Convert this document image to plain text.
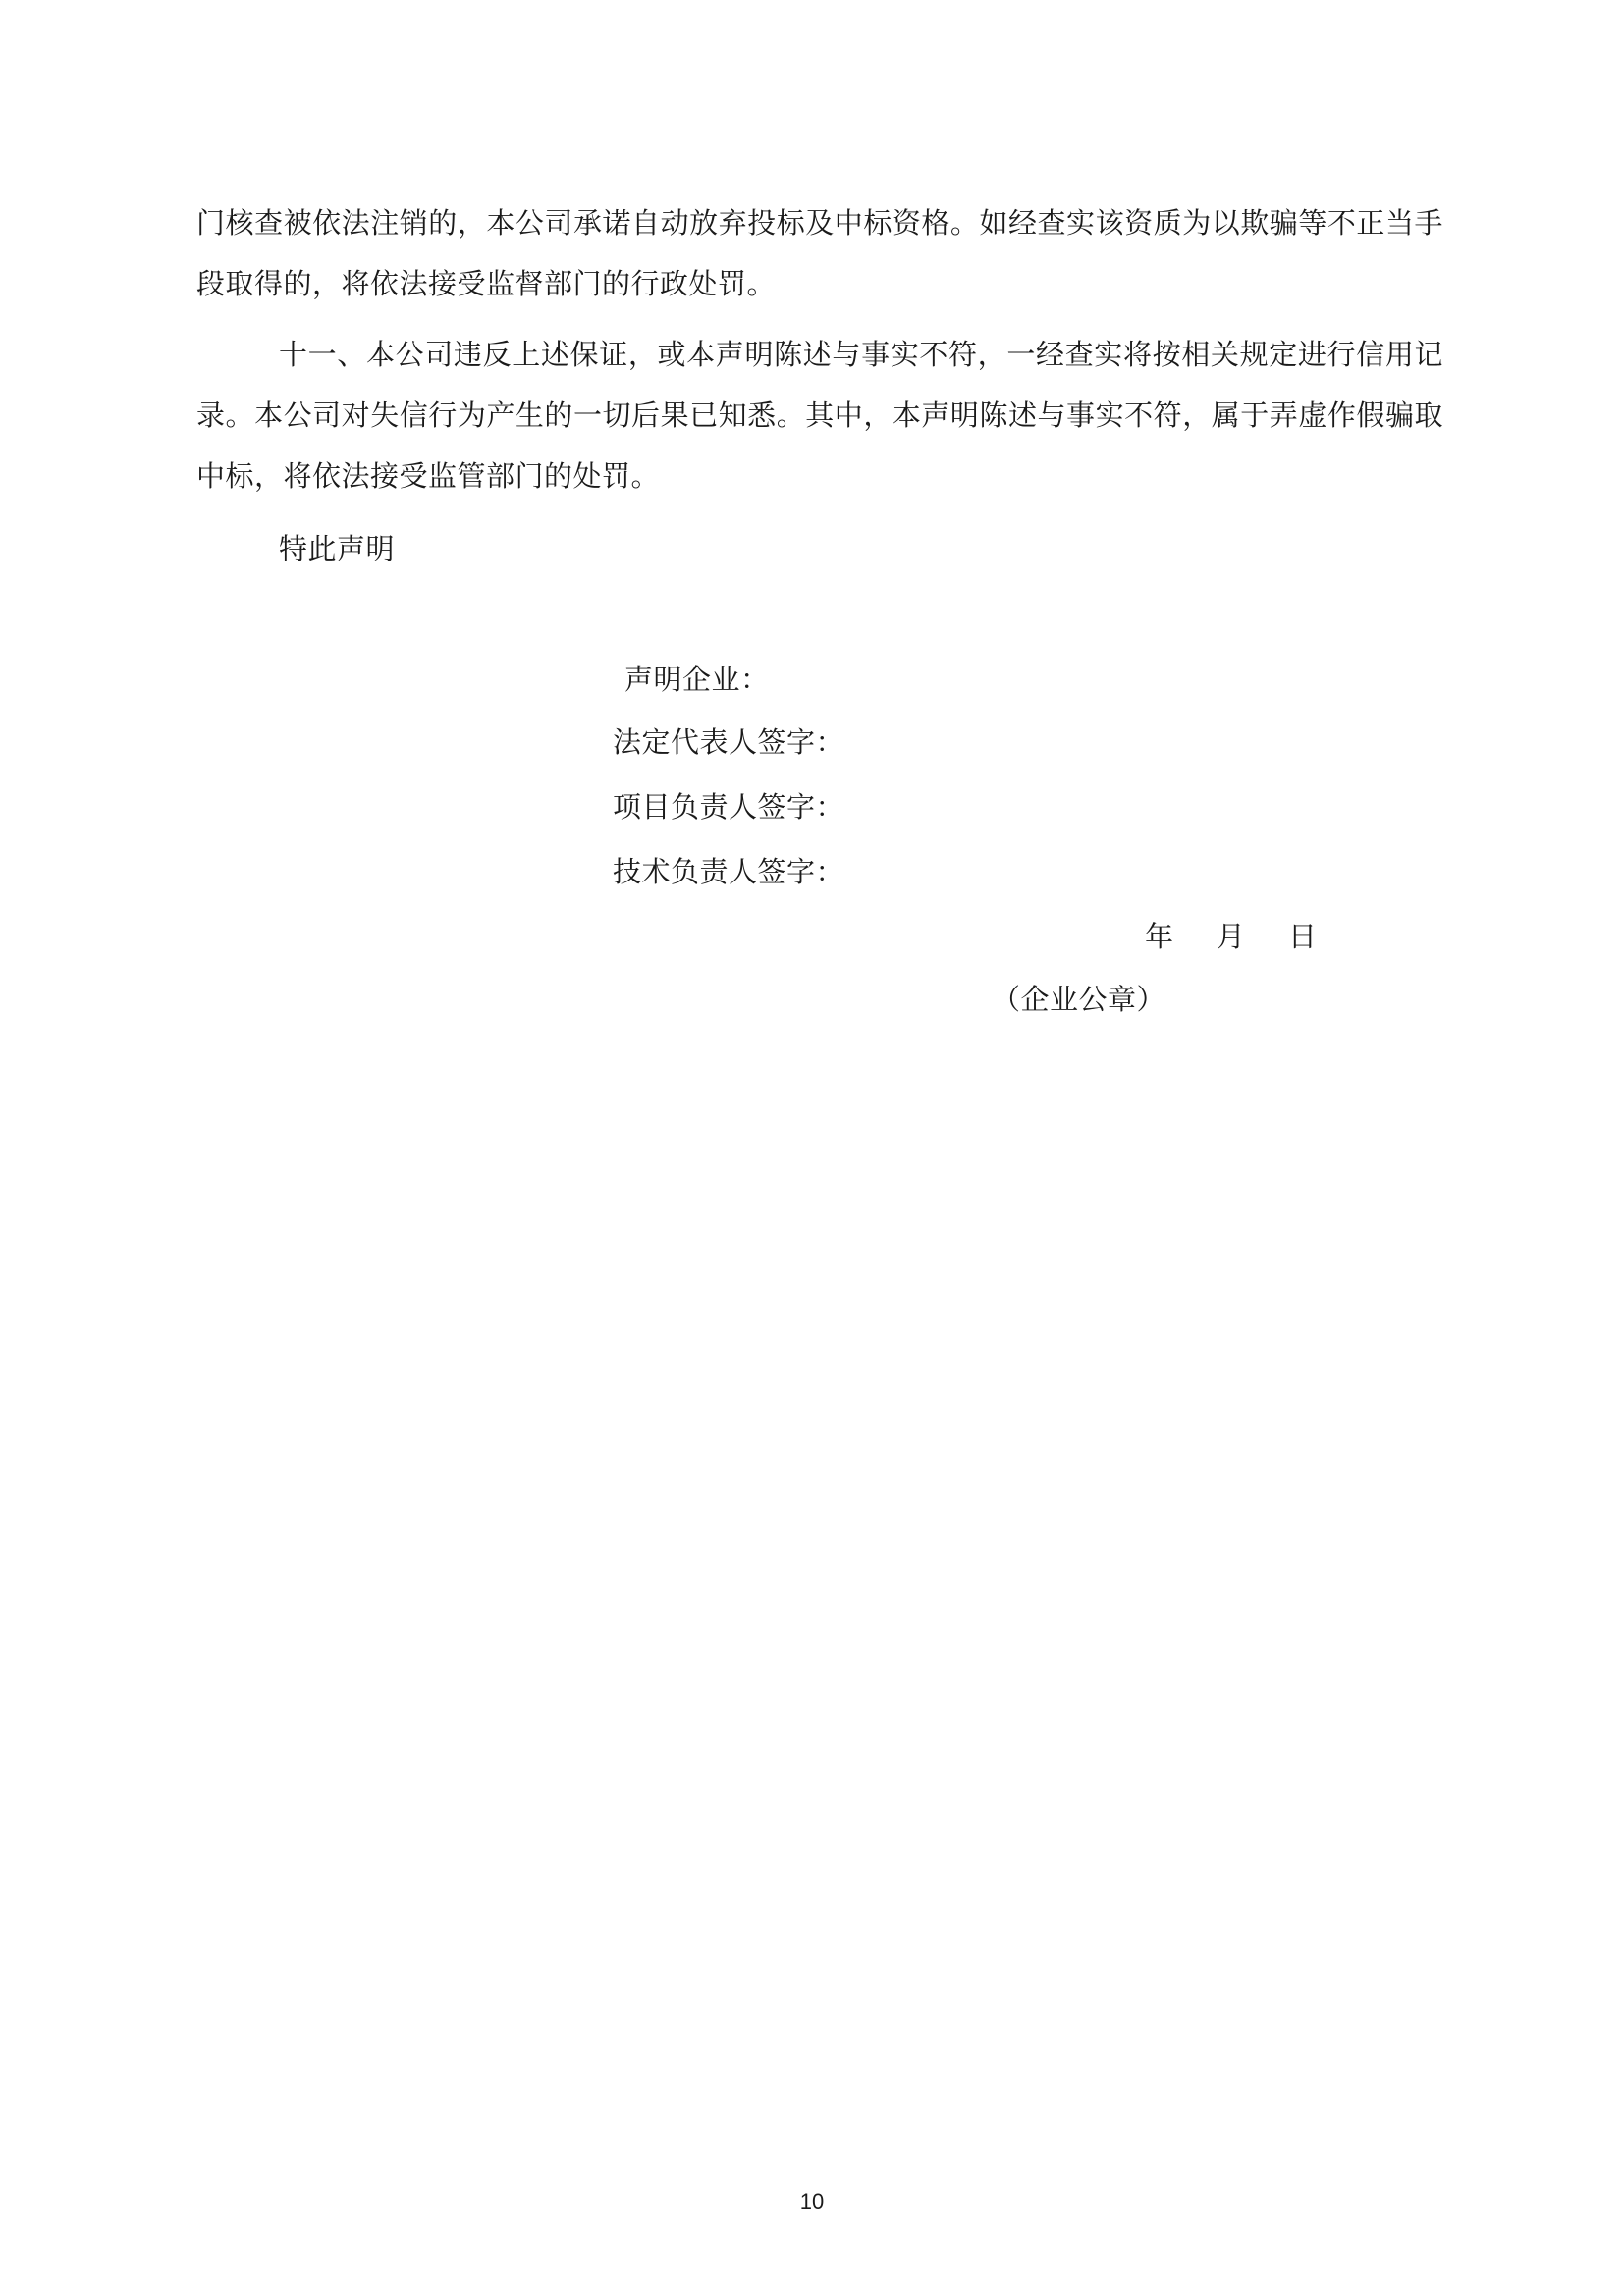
门核查被依法注销的，本公司承诺自动放弃投标及中标资格。如经查实该资质为以欺骗等不正当手段取得的，将依法接受监督部门的行政处罚。

十一、本公司违反上述保证，或本声明陈述与事实不符，一经查实将按相关规定进行信用记录。本公司对失信行为产生的一切后果已知悉。其中，本声明陈述与事实不符，属于弄虚作假骗取中标，将依法接受监管部门的处罚。

特此声明

声明企业：
法定代表人签字：
项目负责人签字：
技术负责人签字：
年 月 日
（企业公章）
10
